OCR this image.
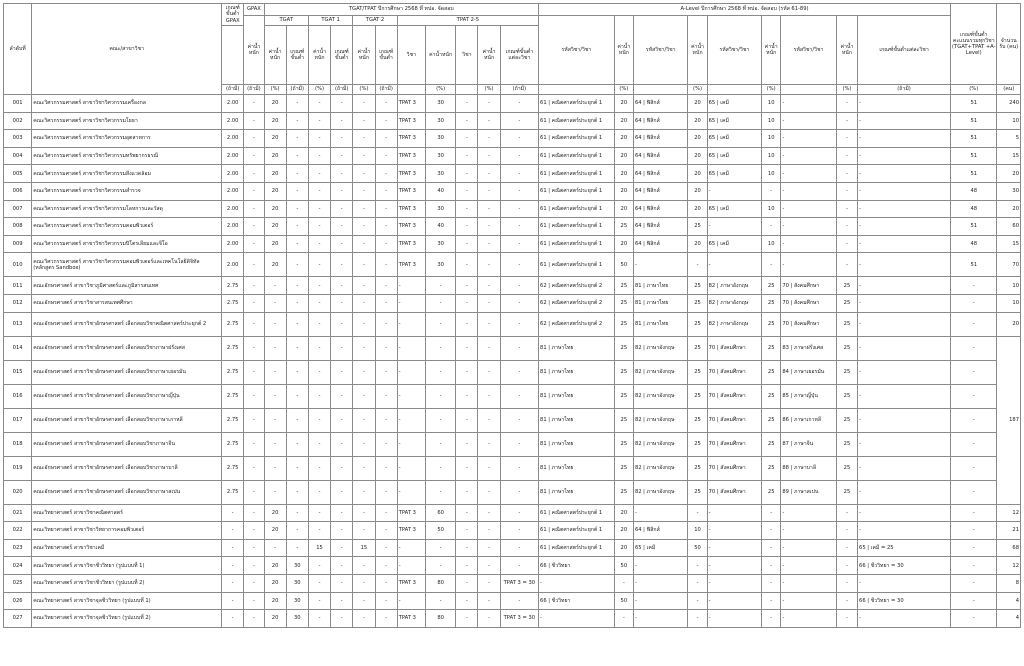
ลำดับที่	คณะ/สาขาวิชา	เกณฑ์ขั้นต่ำ GPAX	GPAX	TGAT/TPAT ปีการศึกษา 2568 ที่ ทปอ. จัดสอบ											A-Level ปีการศึกษา 2568 ที่ ทปอ. จัดสอบ (รหัส 61-89)									เกณฑ์ขั้นต่ำคะแนนรวมทุกวิชา (TGAT+TPAT +A-Level)	จำนวนรับ (คน)
			ค่าน้ำหนัก	TGAT		TGAT 1		TGAT 2		TPAT 2-5					รหัสวิชา/วิชา	ค่าน้ำหนัก	รหัสวิชา/วิชา	ค่าน้ำหนัก	รหัสวิชา/วิชา	ค่าน้ำหนัก	รหัสวิชา/วิชา	ค่าน้ำหนัก	เกณฑ์ขั้นต่ำแต่ละวิชา		
				ค่าน้ำหนัก	เกณฑ์ขั้นต่ำ	ค่าน้ำหนัก	เกณฑ์ขั้นต่ำ	ค่าน้ำหนัก	เกณฑ์ขั้นต่ำ	วิชา	ค่าน้ำหนัก	วิชา	ค่าน้ำหนัก	เกณฑ์ขั้นต่ำแต่ละวิชา											
		(ถ้ามี)	(ถ้ามี)	(%)	(ถ้ามี)	(%)	(ถ้ามี)	(%)	(ถ้ามี)		(%)		(%)	(ถ้ามี)		(%)		(%)		(%)		(%)	(ถ้ามี)	(%)	(คน)
001	คณะวิศวกรรมศาสตร์ สาขาวิชาวิศวกรรมเครื่องกล	2.00	-	20	-	-	-	-	-	TPAT 3	30	-	-	-	61 | คณิตศาสตร์ประยุกต์ 1	20	64 | ฟิสิกส์	20	65 | เคมี	10	-	-	-	51	240
002	คณะวิศวกรรมศาสตร์ สาขาวิชาวิศวกรรมโยธา	2.00	-	20	-	-	-	-	-	TPAT 3	30	-	-	-	61 | คณิตศาสตร์ประยุกต์ 1	20	64 | ฟิสิกส์	20	65 | เคมี	10	-	-	-	51	10
003	คณะวิศวกรรมศาสตร์ สาขาวิชาวิศวกรรมอุตสาหการ	2.00	-	20	-	-	-	-	-	TPAT 3	30	-	-	-	61 | คณิตศาสตร์ประยุกต์ 1	20	64 | ฟิสิกส์	20	65 | เคมี	10	-	-	-	51	5
004	คณะวิศวกรรมศาสตร์ สาขาวิชาวิศวกรรมทรัพยากรธรณี	2.00	-	20	-	-	-	-	-	TPAT 3	30	-	-	-	61 | คณิตศาสตร์ประยุกต์ 1	20	64 | ฟิสิกส์	20	65 | เคมี	10	-	-	-	51	15
005	คณะวิศวกรรมศาสตร์ สาขาวิชาวิศวกรรมสิ่งแวดล้อม	2.00	-	20	-	-	-	-	-	TPAT 3	30	-	-	-	61 | คณิตศาสตร์ประยุกต์ 1	20	64 | ฟิสิกส์	20	65 | เคมี	10	-	-	-	51	20
006	คณะวิศวกรรมศาสตร์ สาขาวิชาวิศวกรรมสำรวจ	2.00	-	20	-	-	-	-	-	TPAT 3	40	-	-	-	61 | คณิตศาสตร์ประยุกต์ 1	20	64 | ฟิสิกส์	20	-	-	-	-	-	48	30
007	คณะวิศวกรรมศาสตร์ สาขาวิชาวิศวกรรมโลหการและวัสดุ	2.00	-	20	-	-	-	-	-	TPAT 3	30	-	-	-	61 | คณิตศาสตร์ประยุกต์ 1	20	64 | ฟิสิกส์	20	65 | เคมี	10	-	-	-	48	20
008	คณะวิศวกรรมศาสตร์ สาขาวิชาวิศวกรรมคอมพิวเตอร์	2.00	-	20	-	-	-	-	-	TPAT 3	40	-	-	-	61 | คณิตศาสตร์ประยุกต์ 1	25	64 | ฟิสิกส์	25	-	-	-	-	-	51	60
009	คณะวิศวกรรมศาสตร์ สาขาวิชาวิศวกรรมปิโตรเลียมและจีโอ	2.00	-	20	-	-	-	-	-	TPAT 3	30	-	-	-	61 | คณิตศาสตร์ประยุกต์ 1	20	64 | ฟิสิกส์	20	65 | เคมี	10	-	-	-	48	15
010	คณะวิศวกรรมศาสตร์ สาขาวิชาวิศวกรรมคอมพิวเตอร์และเทคโนโลยีดิจิทัล (หลักสูตร Sandbox)	2.00	-	20	-	-	-	-	-	TPAT 3	30	-	-	-	61 | คณิตศาสตร์ประยุกต์ 1	50	-	-	-	-	-	-	-	51	70
011	คณะอักษรศาสตร์ สาขาวิชาภูมิศาสตร์และภูมิสารสนเทศ	2.75	-	-	-	-	-	-	-	-	-	-	-	-	62 | คณิตศาสตร์ประยุกต์ 2	25	81 | ภาษาไทย	25	82 | ภาษาอังกฤษ	25	70 | สังคมศึกษา	25	-	-	10
012	คณะอักษรศาสตร์ สาขาวิชาสารสนเทศศึกษา	2.75	-	-	-	-	-	-	-	-	-	-	-	-	62 | คณิตศาสตร์ประยุกต์ 2	25	81 | ภาษาไทย	25	82 | ภาษาอังกฤษ	25	70 | สังคมศึกษา	25	-	-	10
013	คณะอักษรศาสตร์ สาขาวิชาอักษรศาสตร์ เลือกสอบวิชาคณิตศาสตร์ประยุกต์ 2	2.75	-	-	-	-	-	-	-	-	-	-	-	-	62 | คณิตศาสตร์ประยุกต์ 2	25	81 | ภาษาไทย	25	82 | ภาษาอังกฤษ	25	70 | สังคมศึกษา	25	-	-	20
014	คณะอักษรศาสตร์ สาขาวิชาอักษรศาสตร์ เลือกสอบวิชาภาษาฝรั่งเศส	2.75	-	-	-	-	-	-	-	-	-	-	-	-	81 | ภาษาไทย	25	82 | ภาษาอังกฤษ	25	70 | สังคมศึกษา	25	83 | ภาษาฝรั่งเศส	25	-	-	187
015	คณะอักษรศาสตร์ สาขาวิชาอักษรศาสตร์ เลือกสอบวิชาภาษาเยอรมัน	2.75	-	-	-	-	-	-	-	-	-	-	-	-	81 | ภาษาไทย	25	82 | ภาษาอังกฤษ	25	70 | สังคมศึกษา	25	84 | ภาษาเยอรมัน	25	-	-	
016	คณะอักษรศาสตร์ สาขาวิชาอักษรศาสตร์ เลือกสอบวิชาภาษาญี่ปุ่น	2.75	-	-	-	-	-	-	-	-	-	-	-	-	81 | ภาษาไทย	25	82 | ภาษาอังกฤษ	25	70 | สังคมศึกษา	25	85 | ภาษาญี่ปุ่น	25	-	-	
017	คณะอักษรศาสตร์ สาขาวิชาอักษรศาสตร์ เลือกสอบวิชาภาษาเกาหลี	2.75	-	-	-	-	-	-	-	-	-	-	-	-	81 | ภาษาไทย	25	82 | ภาษาอังกฤษ	25	70 | สังคมศึกษา	25	86 | ภาษาเกาหลี	25	-	-	
018	คณะอักษรศาสตร์ สาขาวิชาอักษรศาสตร์ เลือกสอบวิชาภาษาจีน	2.75	-	-	-	-	-	-	-	-	-	-	-	-	81 | ภาษาไทย	25	82 | ภาษาอังกฤษ	25	70 | สังคมศึกษา	25	87 | ภาษาจีน	25	-	-	
019	คณะอักษรศาสตร์ สาขาวิชาอักษรศาสตร์ เลือกสอบวิชาภาษาบาลี	2.75	-	-	-	-	-	-	-	-	-	-	-	-	81 | ภาษาไทย	25	82 | ภาษาอังกฤษ	25	70 | สังคมศึกษา	25	88 | ภาษาบาลี	25	-	-	
020	คณะอักษรศาสตร์ สาขาวิชาอักษรศาสตร์ เลือกสอบวิชาภาษาสเปน	2.75	-	-	-	-	-	-	-	-	-	-	-	-	81 | ภาษาไทย	25	82 | ภาษาอังกฤษ	25	70 | สังคมศึกษา	25	89 | ภาษาสเปน	25	-	-	
021	คณะวิทยาศาสตร์ สาขาวิชาคณิตศาสตร์	-	-	20	-	-	-	-	-	TPAT 3	60	-	-	-	61 | คณิตศาสตร์ประยุกต์ 1	20	-	-	-	-	-	-	-	-	12
022	คณะวิทยาศาสตร์ สาขาวิชาวิทยาการคอมพิวเตอร์	-	-	20	-	-	-	-	-	TPAT 3	50	-	-	-	61 | คณิตศาสตร์ประยุกต์ 1	20	64 | ฟิสิกส์	10	-	-	-	-	-	-	21
023	คณะวิทยาศาสตร์ สาขาวิชาเคมี	-	-	-	-	15	-	15	-	-	-	-	-	-	61 | คณิตศาสตร์ประยุกต์ 1	20	65 | เคมี	50	-	-	-	-	65 | เคมี = 25	-	68
024	คณะวิทยาศาสตร์ สาขาวิชาชีววิทยา (รูปแบบที่ 1)	-	-	20	30	-	-	-	-	-	-	-	-	-	66 | ชีววิทยา	50	-	-	-	-	-	-	66 | ชีววิทยา = 30	-	12
025	คณะวิทยาศาสตร์ สาขาวิชาชีววิทยา (รูปแบบที่ 2)	-	-	20	30	-	-	-	-	TPAT 3	80	-	-	TPAT 3 = 30	-	-	-	-	-	-	-	-	-	-	8
026	คณะวิทยาศาสตร์ สาขาวิชาจุลชีววิทยา (รูปแบบที่ 1)	-	-	20	30	-	-	-	-	-	-	-	-	-	66 | ชีววิทยา	50	-	-	-	-	-	-	66 | ชีววิทยา = 30	-	4
027	คณะวิทยาศาสตร์ สาขาวิชาจุลชีววิทยา (รูปแบบที่ 2)	-	-	20	30	-	-	-	-	TPAT 3	80	-	-	TPAT 3 = 30	-	-	-	-	-	-	-	-	-	-	4
